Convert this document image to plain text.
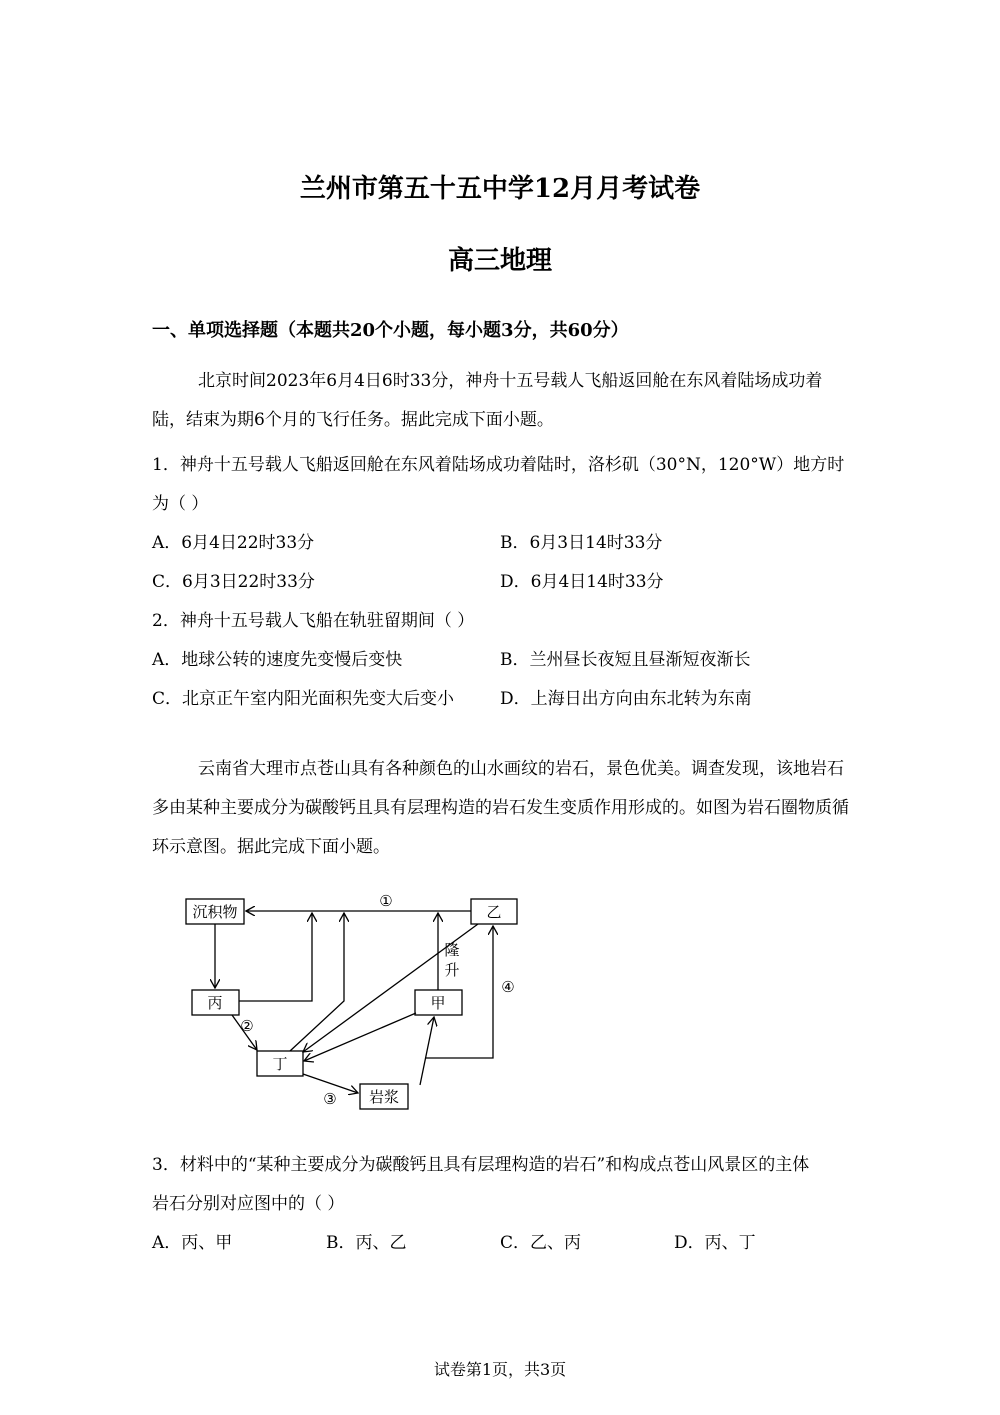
兰州市第五十五中学12月月考试卷
高三地理
一、单项选择题（本题共20个小题，每小题3分，共60分）
北京时间2023年6月4日6时33分，神舟十五号载人飞船返回舱在东风着陆场成功着陆，结束为期6个月的飞行任务。据此完成下面小题。
1．神舟十五号载人飞船返回舱在东风着陆场成功着陆时，洛杉矶（30°N，120°W）地方时
为（ ）
A．6月4日22时33分	B．6月3日14时33分
C．6月3日22时33分	D．6月4日14时33分
2．神舟十五号载人飞船在轨驻留期间（ ）
A．地球公转的速度先变慢后变快	B．兰州昼长夜短且昼渐短夜渐长
C．北京正午室内阳光面积先变大后变小	D．上海日出方向由东北转为东南
云南省大理市点苍山具有各种颜色的山水画纹的岩石，景色优美。调查发现，该地岩石多由某种主要成分为碳酸钙且具有层理构造的岩石发生变质作用形成的。如图为岩石圈物质循环示意图。据此完成下面小题。
沉积物	乙
丙	甲
丁
岩浆
①
②
③
④
隆
升
3．材料中的“某种主要成分为碳酸钙且具有层理构造的岩石”和构成点苍山风景区的主体
岩石分别对应图中的（ ）
A．丙、甲	B．丙、乙	C．乙、丙	D．丙、丁
试卷第1页，共3页
